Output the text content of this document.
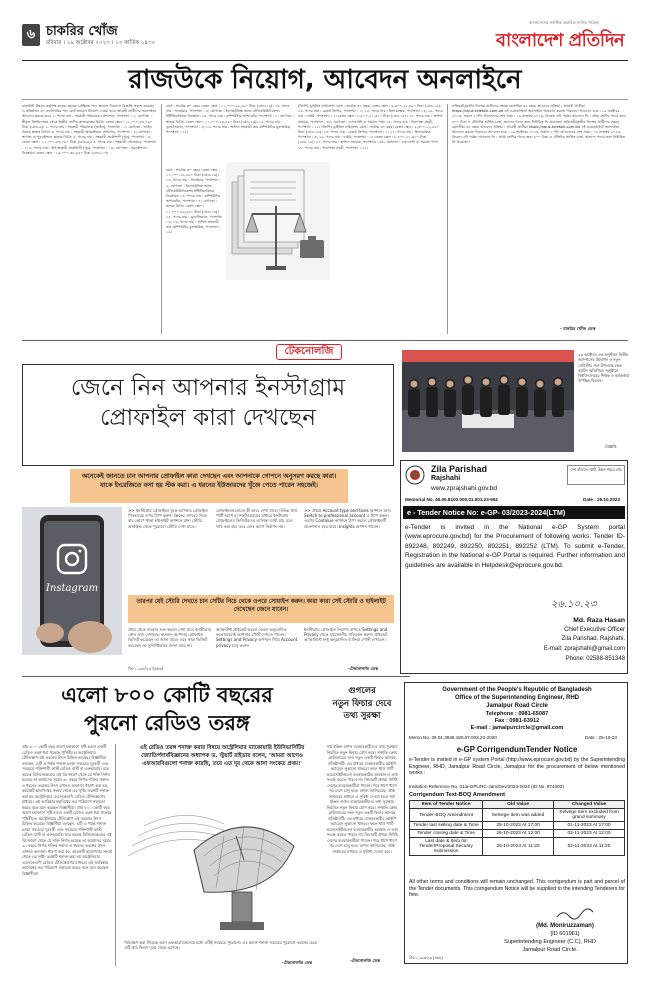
৬ চাকরির খোঁজ
রবিবার । ২৯ অক্টোবর ২০২৩ । ১৩ কার্তিক ১৪৩০
বাংলাদেশের সর্বাধিক প্রচারিত দৈনিক পত্রিকা
বাংলাদেশ প্রতিদিন
রাজউকে নিয়োগ, আবেদন অনলাইনে
রাজধানী উন্নয়ন কর্তৃপক্ষ কয়েক বছরের প্রেক্ষিতে পদে জনবল নিয়োগে বিজ্ঞপ্তি প্রকাশ করেছে। এ প্রতিষ্ঠানে ৩০ ক্যাটাগরির পদে মোট জনবল নিয়োগ দেওয়া হবে। আগ্রহী প্রার্থীদের অনলাইনে আবেদন করতে হবে। ১. পদের নাম : সহকারী পরিচালক (প্রশাসন), পদসংখ্যা : ১; যোগ্যতা : স্বীকৃত বিশ্ববিদ্যালয় থেকে দ্বিতীয় শ্রেণির স্নাতকোত্তর ডিগ্রি। বেতন স্কেল : ২২,০০০-৫৩,০৬০ টাকা (গ্রেড-৯)। ২. পদের নাম : সহকারী পরিচালক (আইন), পদসংখ্যা : ১; যোগ্যতা : আইন বিষয়ে স্নাতক ডিগ্রি। ৩. পদের নাম : সহকারী অথরাইজড অফিসার, পদসংখ্যা : ৪; যোগ্যতা : স্থাপত্য বা পুরকৌশলে স্নাতক ডিগ্রি। ৪. পদের নাম : সহকারী প্রকৌশলী (পুর), পদসংখ্যা : ৬; বেতন স্কেল : ২২,০০০-৫৩,০৬০ টাকা (গ্রেড-৯)। ৫. পদের নাম : সহকারী প্রোগ্রামার, পদসংখ্যা : ১; ৬. পদের নাম : উপসহকারী প্রকৌশলী (পুর), পদসংখ্যা : ১৪; যোগ্যতা : পুরকৌশলে ডিপ্লোমা। বেতন স্কেল : ১৬,০০০-৩৮,৬৪০ টাকা (গ্রেড-১০)।
বয়স : সর্বোচ্চ ৩০ বছর। বেতন স্কেল : ১১,০০০-২৬,৫৯০ টাকা (গ্রেড-১৩)। ১৩. পদের নাম : সার্ভেয়ার, পদসংখ্যা : ৫; যোগ্যতা : ইলেকট্রনিক্স অ্যান্ড টেলিকমিউনিকেশন ইঞ্জিনিয়ারিংয়ে ডিপ্লোমা। ১৪. পদের নাম : কম্পিউটার অপারেটর, পদসংখ্যা : ৭; যোগ্যতা : স্নাতক ডিগ্রি। বেতন স্কেল : ১১,০০০-২৬,৫৯০ টাকা (গ্রেড-১৩)। ১৫. পদের নাম : ড্রাফটসম্যান, পদসংখ্যা : ৩; ১৬. পদের নাম : অফিস সহকারী কাম কম্পিউটার মুদ্রাক্ষরিক, পদসংখ্যা : ১৯।
বয়স : সর্বোচ্চ ৩০ বছর। বেতন স্কেল : ১১,০০০-২৬,৫৯০ টাকা (গ্রেড-১৩)। ১৩. পদের নাম : সার্ভেয়ার, পদসংখ্যা : ৫; যোগ্যতা : ইলেকট্রনিক্স অ্যান্ড টেলিকমিউনিকেশন ইঞ্জিনিয়ারিংয়ে ডিপ্লোমা। ১৪. পদের নাম : কম্পিউটার অপারেটর, পদসংখ্যা : ৭; যোগ্যতা : স্নাতক ডিগ্রি। বেতন স্কেল : ১১,০০০-২৬,৫৯০ টাকা (গ্রেড-১৩)। ১৫. পদের নাম : ড্রাফটসম্যান, পদসংখ্যা : ৩; ১৬. পদের নাম : অফিস সহকারী কাম কম্পিউটার মুদ্রাক্ষরিক, পদসংখ্যা : ১৯।
(জিপি) ড্রাইভিং লাইসেন্স। বয়স : সর্বোচ্চ ৩০ বছর। বেতন স্কেল : ৯,৩০০-২২,৪৯০ টাকা (গ্রেড-১৬)। ২৪. পদের নাম : রেকর্ড কিপার, পদসংখ্যা : ১; ২৫. পদের নাম : হিসাবরক্ষক, পদসংখ্যা : ৩; ২৬. পদের নাম : দপ্তরি, পদসংখ্যা : ২। বেতন স্কেল : ৮,৮০০-২১,৩১০ টাকা (গ্রেড-১৮)। ২৭. পদের নাম : অফিস সহায়ক, পদসংখ্যা : ৩৫; যোগ্যতা : এসএসসি বা সমমান পাস। ২৮. পদের নাম : নিরাপত্তা প্রহরী, পদসংখ্যা : ২২। (জিপি) ড্রাইভিং লাইসেন্স। বয়স : সর্বোচ্চ ৩০ বছর। বেতন স্কেল : ৯,৩০০-২২,৪৯০ টাকা (গ্রেড-১৬)। ২৪. পদের নাম : রেকর্ড কিপার, পদসংখ্যা : ১; ২৫. পদের নাম : হিসাবরক্ষক, পদসংখ্যা : ৩; ২৬. পদের নাম : দপ্তরি, পদসংখ্যা : ২। বেতন স্কেল : ৮,৮০০-২১,৩১০ টাকা (গ্রেড-১৮)। ২৭. পদের নাম : অফিস সহায়ক, পদসংখ্যা : ৩৫; যোগ্যতা : এসএসসি বা সমমান পাস। ২৮. পদের নাম : নিরাপত্তা প্রহরী, পদসংখ্যা : ২২।
প্রতিবন্ধী/তৃতীয় লিঙ্গের প্রার্থীদের ক্ষেত্রে বয়সসীমা ৩২ বছর। আবেদন প্রক্রিয়া : আগ্রহী প্রার্থীরা https://rajuk.teletalk.com.bd এই ওয়েবসাইটে অনলাইনে আবেদন করতে পারবেন। আবেদন শুরু : ১৯ অক্টোবর ২০২৩, সকাল ১০টা। আবেদনের শেষ সময় : ১৯ নভেম্বর ২০২৩, বিকেল ৫টা পর্যন্ত। আবেদন ফি : প্রথম শ্রেণির পদের জন্য ৫০০ টাকা ও টেলিটক সার্ভিস চার্জ, অন্যান্য পদের জন্য নির্ধারিত ফি প্রযোজ্য। প্রতিবন্ধী/তৃতীয় লিঙ্গের প্রার্থীদের ক্ষেত্রে বয়সসীমা ৩২ বছর। আবেদন প্রক্রিয়া : আগ্রহী প্রার্থীরা https://rajuk.teletalk.com.bd এই ওয়েবসাইটে অনলাইনে আবেদন করতে পারবেন। আবেদন শুরু : ১৯ অক্টোবর ২০২৩, সকাল ১০টা। আবেদনের শেষ সময় : ১৯ নভেম্বর ২০২৩, বিকেল ৫টা পর্যন্ত। আবেদন ফি : প্রথম শ্রেণির পদের জন্য ৫০০ টাকা ও টেলিটক সার্ভিস চার্জ, অন্যান্য পদের জন্য নির্ধারিত ফি প্রযোজ্য।
- চাকরির খোঁজ ডেস্ক
টেকনোলজি
জেনে নিন আপনার ইনস্টাগ্রাম
প্রোফাইল কারা দেখছেন
অনেকেই জানতে চান আপনার প্রোফাইল কারা দেখছেন এবং আপনাকে গোপনে অনুসরণ করছে কারা। যাকে ইংরেজিতে বলা হয় স্টক করা। এ ধরনের ইউজারদের খুঁজে পেতে পারেন সহজেই।
Instagram
>> ইনস্টাগ্রাম প্রোফাইলে ঢুকে আপনার প্রোফাইল পিকচারের ওপর ট্যাপ করুন। স্ক্রিনের ওপরের দিকে বাম কোণে থাকা হাইলাইট অপশনে যান। স্টোরি আর্কাইভ থেকে পুরোনো স্টোরি দেখা যাবে।
প্রোফাইলগুলোতে কী ভাবে দেখা যাবে। বিভিন্ন থার্ড পার্টি অ্যাপ বা সফটওয়্যারের মাধ্যমে ইন্সটাগ্রাম প্রোফাইলের ভিজিটরদের তালিকা দেখা যায় বলে দাবি করা হয়। তবে এসব অ্যাপ নিরাপদ নয়।
>> প্রথমে Account type and tools অপশনে যান। Switch to professional account এ ট্যাপ করুন। এরপর Continue অপশনে ট্যাপ করলে প্রোফাইলটি প্রফেশনাল হয়ে যাবে। Insights অপশন পাবেন।
তারপর যেই স্টোরি দেখতে চান সেটির নিচে থেকে ওপরে সোয়াইপ করুন। কারা কারা সেই স্টোরি ও হাইলাইট দেখেছেন জেনে যাবেন।
প্রথম থেকে ব্যবহার শুরু করলে দেখা যাবে ইনস্টাগ্রাম কোন তথ্য দেখাচ্ছে। কতজন আপনার প্রোফাইল ভিজিট করেছেন তা জানা যাবে। তবে কারা ভিজিট করেছেন তা সুনির্দিষ্টভাবে জানা যাবে না।
অ্যাকাউন্ট প্রাইভেট করলে কেবল অনুমোদিত ফলোয়াররাই আপনার পোস্ট দেখতে পাবেন। Settings and Privacy অপশনে গিয়ে Account privacy চালু করুন।
ইনস্টাগ্রাম প্রোফাইল নিরাপদ রাখতে Settings and Privacy থেকে প্রয়োজনীয় পরিবর্তন করুন। প্রাইভেট অ্যাকাউন্টে শুধু অনুমোদিত ব্যক্তিরা পোস্ট দেখবেন।
-টেকনোলজি ডেস্ক
২৬ অক্টোবর এক অনুষ্ঠানে দ্বিতীয় ক্যাম্পাসের উদ্বোধন ও নতুন সেমিস্টার শুরু উপলক্ষে কেক কাটেন অতিথিরা। অনুষ্ঠানে বিশ্ববিদ্যালয়ের শিক্ষক ও কর্মকর্তারা উপস্থিত ছিলেন।
-বিজ্ঞপ্তি
Zila Parishad
Rajshahi
www.zprajshahi.gov.bd
দেশ বাঁচাতে স্মার্ট, উন্নত শহরে গ্রাম
Memorial No. 46.00.8100.000.01.001.23-952	Date : 26.10.2023
e - Tender Notice No: e-GP- 03/2023-2024(LTM)
e-Tender is invited in the National e-GP System portal (www.eprocure.gov.bd) for the Procurement of following works: Tender ID- 892248, 892249, 892250, 892251, 892252 (LTM). To submit e-Tender, Registration in the National e-GP Portal is required. Further information and guidelines are available in Helpdesk@eprocure.gov.bd.
২৬.১০.২৩
Md. Raza Hasan
Chief Executive Officer
Zila Parishad, Rajshahi.
E-mail: zprajshahi@gmail.com
Phone: 02588-851348
জি-১১৯৮/২৩ (৪x৩)
এলো ৮০০ কোটি বছরের
পুরনো রেডিও তরঙ্গ
প্রায় ৮০০ কোটি বছর আগে মহাকাশে সৃষ্টি হওয়া একটি রেডিও তরঙ্গ ধরা পড়েছে পৃথিবীতে। অস্ট্রেলিয়ার টেলিস্কোপ এই তরঙ্গের উৎস চিহ্নিত করেছে। বিজ্ঞানীরা বলছেন, এটি এ পর্যন্ত শনাক্ত হওয়া সবচেয়ে দূরবর্তী এবং সবচেয়ে শক্তিশালী ফাস্ট রেডিও বার্স্ট বা এফআরবি। মাত্র কয়েক মিলিসেকেন্ডের এই বিস্ফোরণ থেকে যে শক্তি নির্গত হয়েছে তা আমাদের সূর্যের ৩০ বছরে নির্গত শক্তির সমান। এ ধরনের তরঙ্গের উৎস এখনও অজানা। ধারণা করা হয়, কয়েকটি ছায়াপথের সংঘর্ষ থেকে এর সৃষ্টি। তরঙ্গটি শনাক্ত করা হয় অস্ট্রেলিয়ার এএসকেএপি রেডিও টেলিস্কোপের মাধ্যমে। এই আবিষ্কার মহাবিশ্বের ভর পরিমাপে সহায়তা করবে বলে মনে করছেন বিজ্ঞানীরা। প্রায় ৮০০ কোটি বছর আগে মহাকাশে সৃষ্টি হওয়া একটি রেডিও তরঙ্গ ধরা পড়েছে পৃথিবীতে। অস্ট্রেলিয়ার টেলিস্কোপ এই তরঙ্গের উৎস চিহ্নিত করেছে। বিজ্ঞানীরা বলছেন, এটি এ পর্যন্ত শনাক্ত হওয়া সবচেয়ে দূরবর্তী এবং সবচেয়ে শক্তিশালী ফাস্ট রেডিও বার্স্ট বা এফআরবি। মাত্র কয়েক মিলিসেকেন্ডের এই বিস্ফোরণ থেকে যে শক্তি নির্গত হয়েছে তা আমাদের সূর্যের ৩০ বছরে নির্গত শক্তির সমান। এ ধরনের তরঙ্গের উৎস এখনও অজানা। ধারণা করা হয়, কয়েকটি ছায়াপথের সংঘর্ষ থেকে এর সৃষ্টি। তরঙ্গটি শনাক্ত করা হয় অস্ট্রেলিয়ার এএসকেএপি রেডিও টেলিস্কোপের মাধ্যমে। এই আবিষ্কার মহাবিশ্বের ভর পরিমাপে সহায়তা করবে বলে মনে করছেন বিজ্ঞানীরা।
এই রেডিও তরঙ্গ শনাক্ত করার বিষয়ে অস্ট্রেলিয়ার ম্যাকোয়ারি ইউনিভার্সিটির জ্যোতির্পদার্থবিজ্ঞানের অধ্যাপক ড. স্টুয়ার্ট রাইডার বলেন, 'আমরা আগেও এফআরবিগুলো শনাক্ত করেছি, তবে এত দূর থেকে আসা সংকেত প্রথম।'
পর্যবেক্ষণ করা গিয়েছে এমন এফআরবিগুলোর মধ্যে এটিই সবচেয়ে পুরোনো। এর আগে শনাক্ত সবচেয়ে পুরোনো তরঙ্গের চেয়ে এটি প্রায় দ্বিগুণ দূরত্ব থেকে এসেছে।
-টেকনোলজি ডেস্ক
গুগলের
নতুন ফিচার দেবে তথ্য সুরক্ষা
সার্চ ইঞ্জিন গুগল ব্যবহারকারীদের তথ্য সুরক্ষায় নিয়মিত নতুন ফিচার যোগ করে। সম্প্রতি ক্রোম ব্রাউজারের জন্য নতুন একটি ফিচার আনছে প্রতিষ্ঠানটি। এর মাধ্যমে ব্যবহারকারীর আইপি অ্যাড্রেস লুকানো থাকবে। ফলে থার্ড পার্টি ওয়েবসাইটগুলো ব্যবহারকারীর অবস্থান ও তথ্য সংগ্রহ করতে পারবে না। ফিচারটি প্রথমে নির্দিষ্ট দেশের ব্যবহারকারীরা পাবেন। পরে ধাপে ধাপে সব দেশে চালু হবে। গুগল জানিয়েছে, প্রক্সি সার্ভারের মাধ্যমে এ সুবিধা দেওয়া হবে। সার্চ ইঞ্জিন গুগল ব্যবহারকারীদের তথ্য সুরক্ষায় নিয়মিত নতুন ফিচার যোগ করে। সম্প্রতি ক্রোম ব্রাউজারের জন্য নতুন একটি ফিচার আনছে প্রতিষ্ঠানটি। এর মাধ্যমে ব্যবহারকারীর আইপি অ্যাড্রেস লুকানো থাকবে। ফলে থার্ড পার্টি ওয়েবসাইটগুলো ব্যবহারকারীর অবস্থান ও তথ্য সংগ্রহ করতে পারবে না। ফিচারটি প্রথমে নির্দিষ্ট দেশের ব্যবহারকারীরা পাবেন। পরে ধাপে ধাপে সব দেশে চালু হবে। গুগল জানিয়েছে, প্রক্সি সার্ভারের মাধ্যমে এ সুবিধা দেওয়া হবে।
-টেকনোলজি ডেস্ক
Government of the People's Republic of Bangladesh
Office of the Superintending Engineer, RHD
Jamalpur Road Circle
Telephone : 0981-65087
Fax : 0981-63912
E-mail : jamalpurcircle@gmail.com
Memo No. 35.01.3936.180.07.003.23-2020	Date : 25-10-23
e-GP CorrigendumTender Notice
e-Tender is invited in e-GP system Portal (http://www.eprocure.gov.bd) by the Superintending Engineer, RHD, Jamalpur Road Circle, Jamalpur for the procurement of below mentioned works :
Invitation Reference No. 01ia-GPL/RC-Jam/Dev/2023-2024 (ID No. 874302)
Corrigendum Text-BOQ Amendment
Item of Tender Notice	Old Value	Changed Value
Tender-BOQ Amendment	Selvege Item was added	Selvege Item excluded from grand summary
Tender last selling date & Time	25-10-2023 At 17:00	01-11-2023 At 17:00
Tender closing date & Time	26-10-2023 At 12:00	02-11-2023 At 12:00
Last date & Item for Tender/Proposal Security Submission	26-10-2023 At 11:20	02-11-2023 At 11:20
All other terms and conditions will remain unchanged. This corrigendum is part and parcel of the Tender documents. This corrigendum Notice will be supplied to the intending Tenderers for free.
(Md. Moniruzzaman)
[ID 601961]
Superintending Engineer (C.C), RHD
Jamalpur Road Circle.
জি-১১৯৩/২৩ (৪x৪)
